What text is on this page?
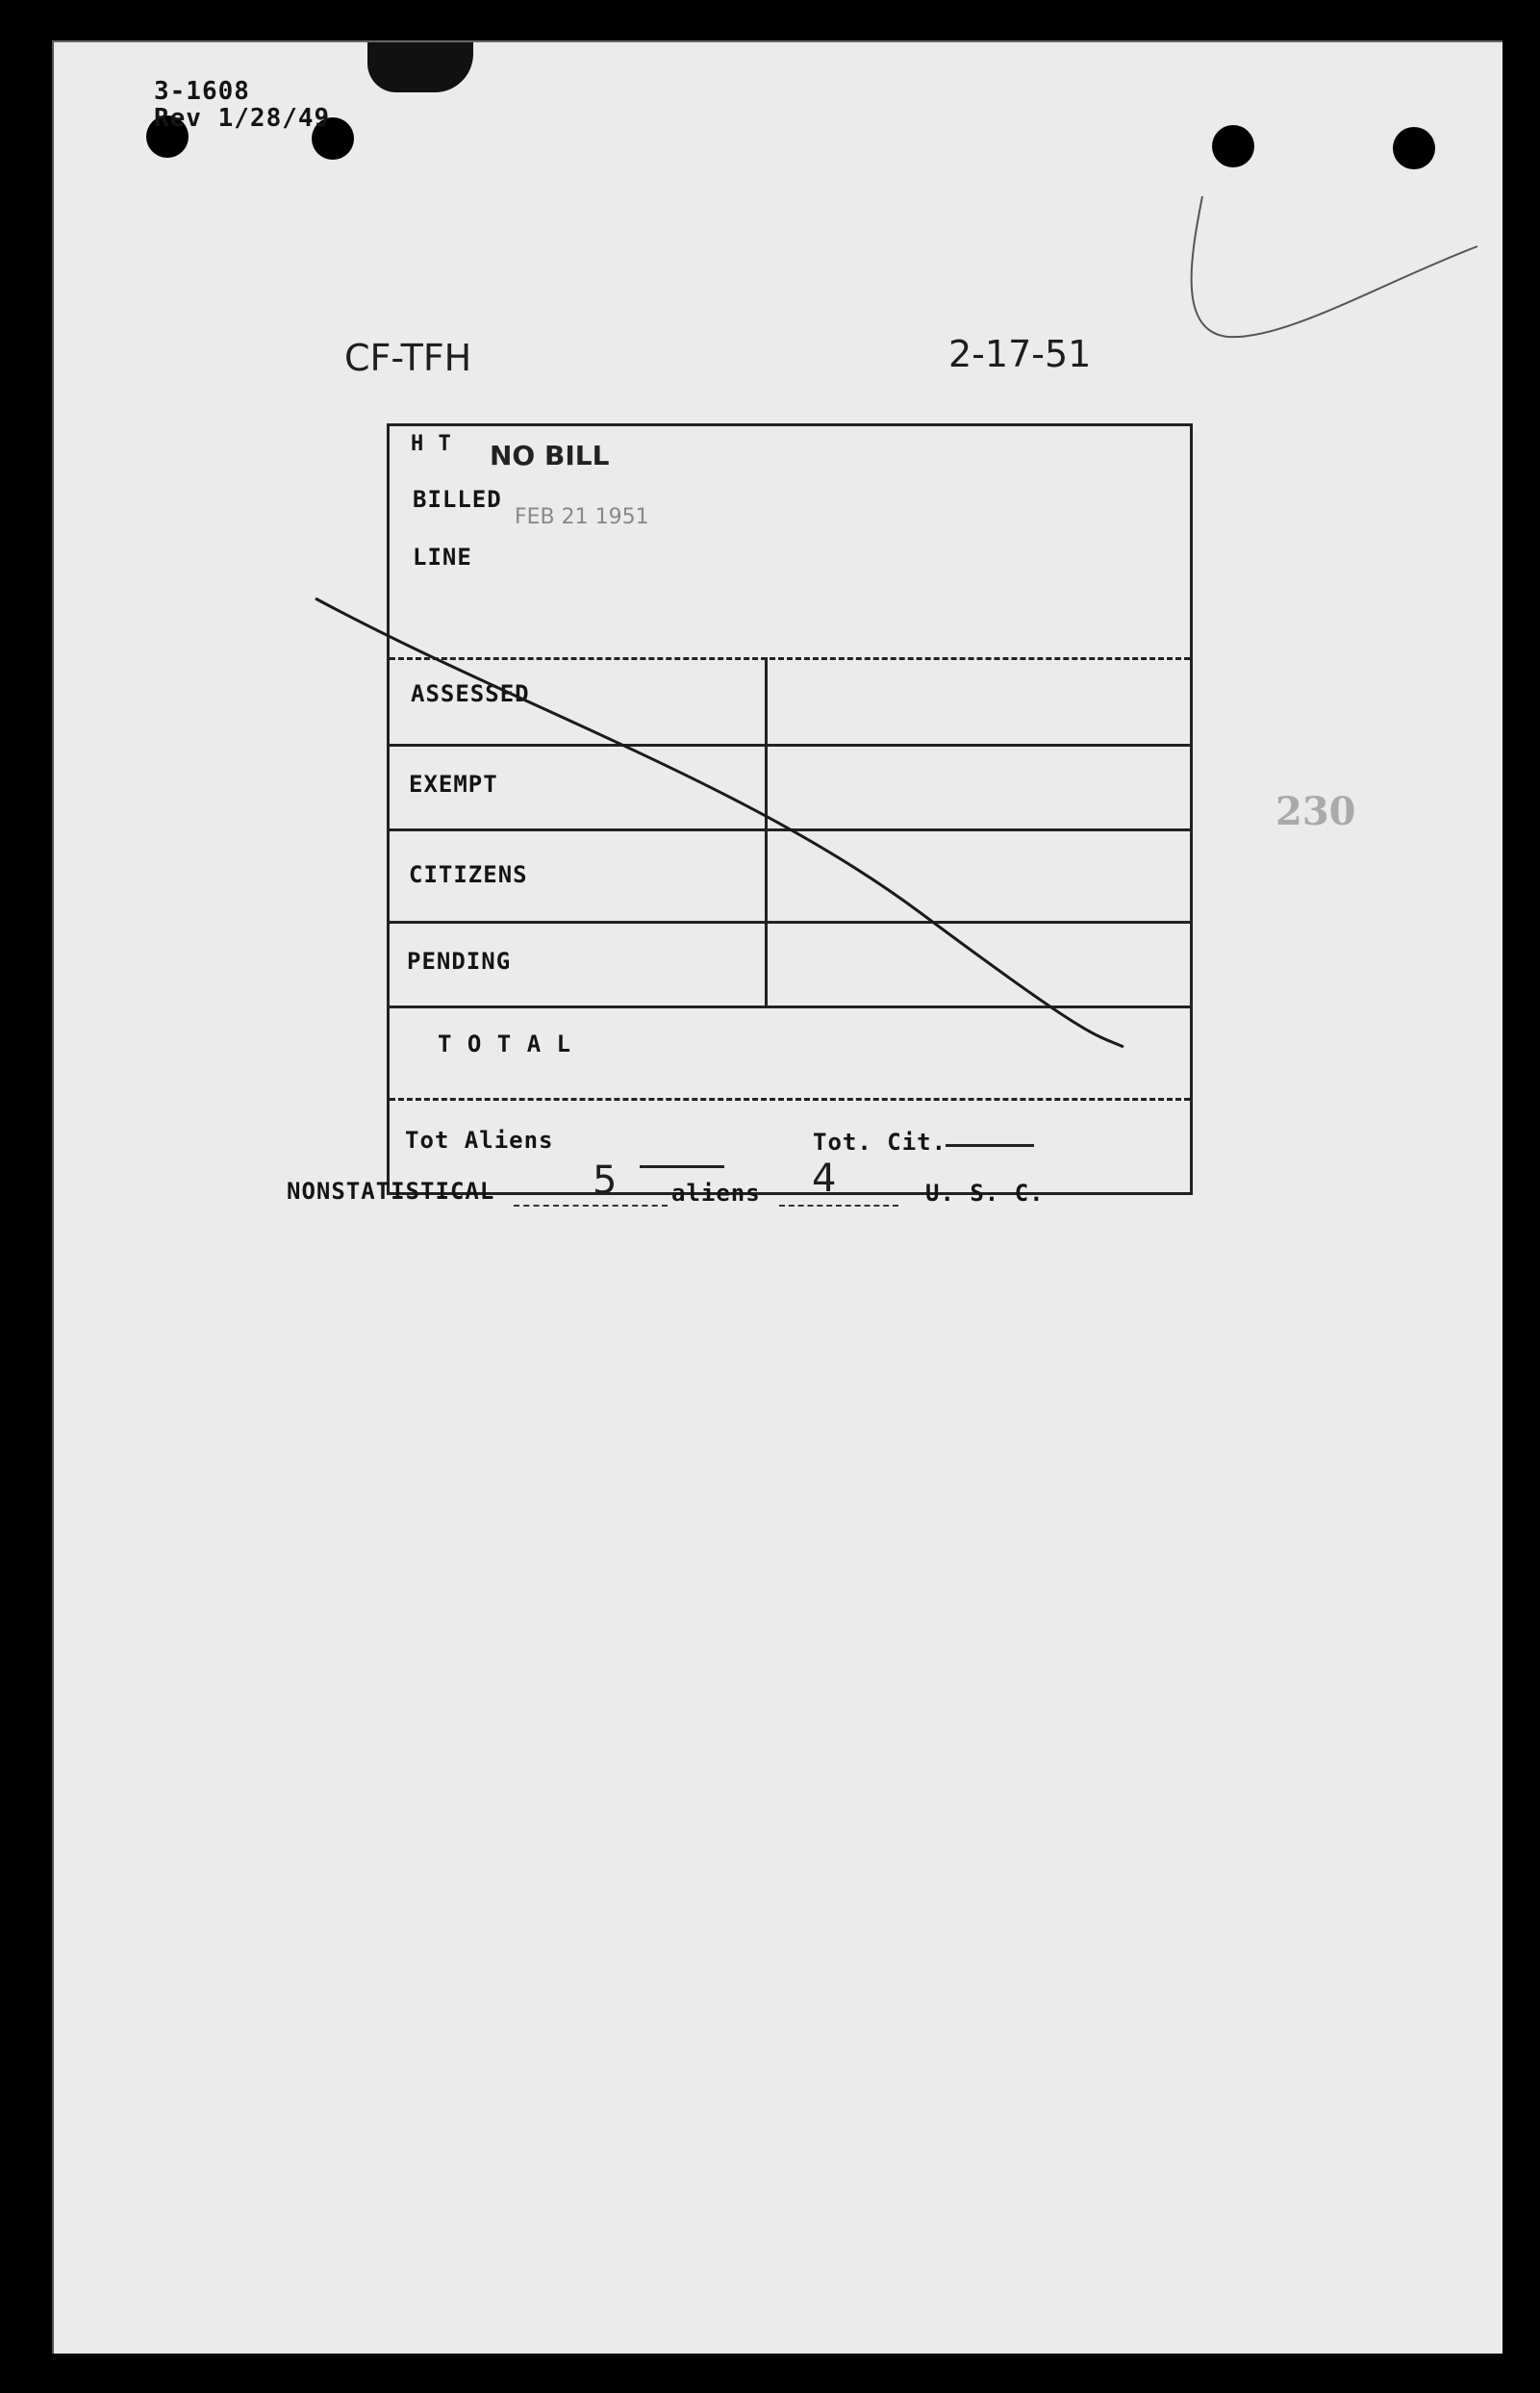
3-1608
Rev 1/28/49
230
CF-TFH	2-17-51
H T NO BILL
BILLED
FEB 21 1951
LINE
ASSESSED
EXEMPT
CITIZENS
PENDING
T O T A L
Tot Aliens	Tot. Cit.
NONSTATISTICAL	5 aliens 4	U. S. C.
